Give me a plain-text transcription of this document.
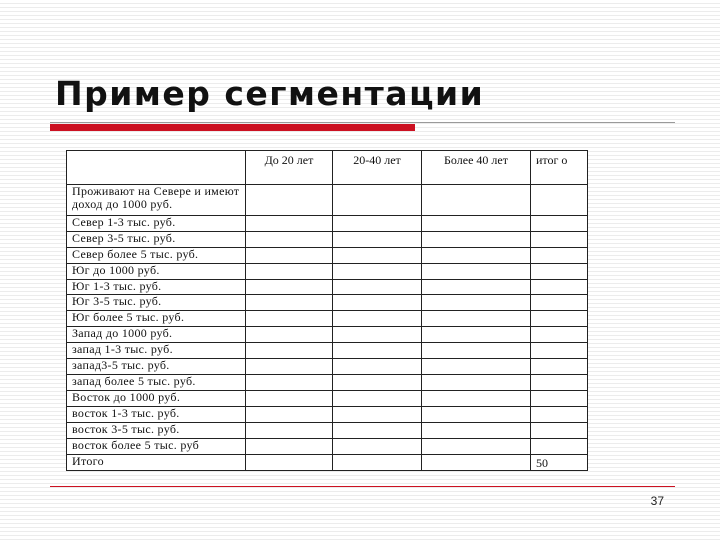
Пример сегментации
	До 20 лет	20-40 лет	Более 40 лет	итог о
Проживают на Севере и имеют доход до 1000 руб.				
Север 1-3 тыс. руб.				
Север 3-5 тыс. руб.				
Север более 5 тыс. руб.				
Юг до 1000 руб.				
Юг 1-3 тыс. руб.				
Юг 3-5 тыс. руб.				
Юг более 5 тыс. руб.				
Запад до 1000 руб.				
запад 1-3 тыс. руб.				
запад3-5 тыс. руб.				
запад более 5 тыс. руб.				
Восток до 1000 руб.				
восток 1-3 тыс. руб.				
восток 3-5 тыс. руб.				
восток более 5 тыс. руб				
Итого				50
37
